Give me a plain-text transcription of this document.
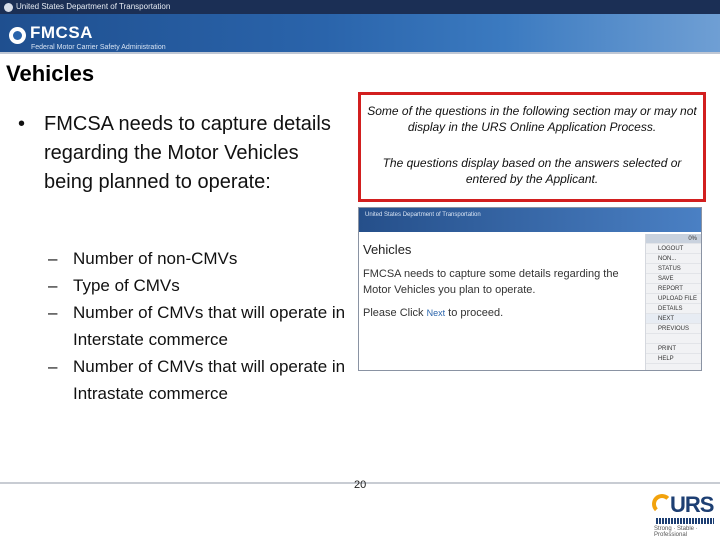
United States Department of Transportation
FMCSA
Federal Motor Carrier Safety Administration
Vehicles
• FMCSA needs to capture details regarding the Motor Vehicles being planned to operate:
– Number of non-CMVs
– Type of CMVs
– Number of CMVs that will operate in Interstate commerce
– Number of CMVs that will operate in Intrastate commerce

Some of the questions in the following section may or may not display in the URS Online Application Process.

The questions display based on the answers selected or entered by the Applicant.

United States Department of Transportation
Vehicles
FMCSA needs to capture some details regarding the Motor Vehicles you plan to operate.
Please Click Next to proceed.
0%
LOGOUT
NON...
STATUS
SAVE
REPORT
UPLOAD FILE
DETAILS
NEXT
PREVIOUS
PRINT
HELP
20
URS
Strong · Stable · Professional
